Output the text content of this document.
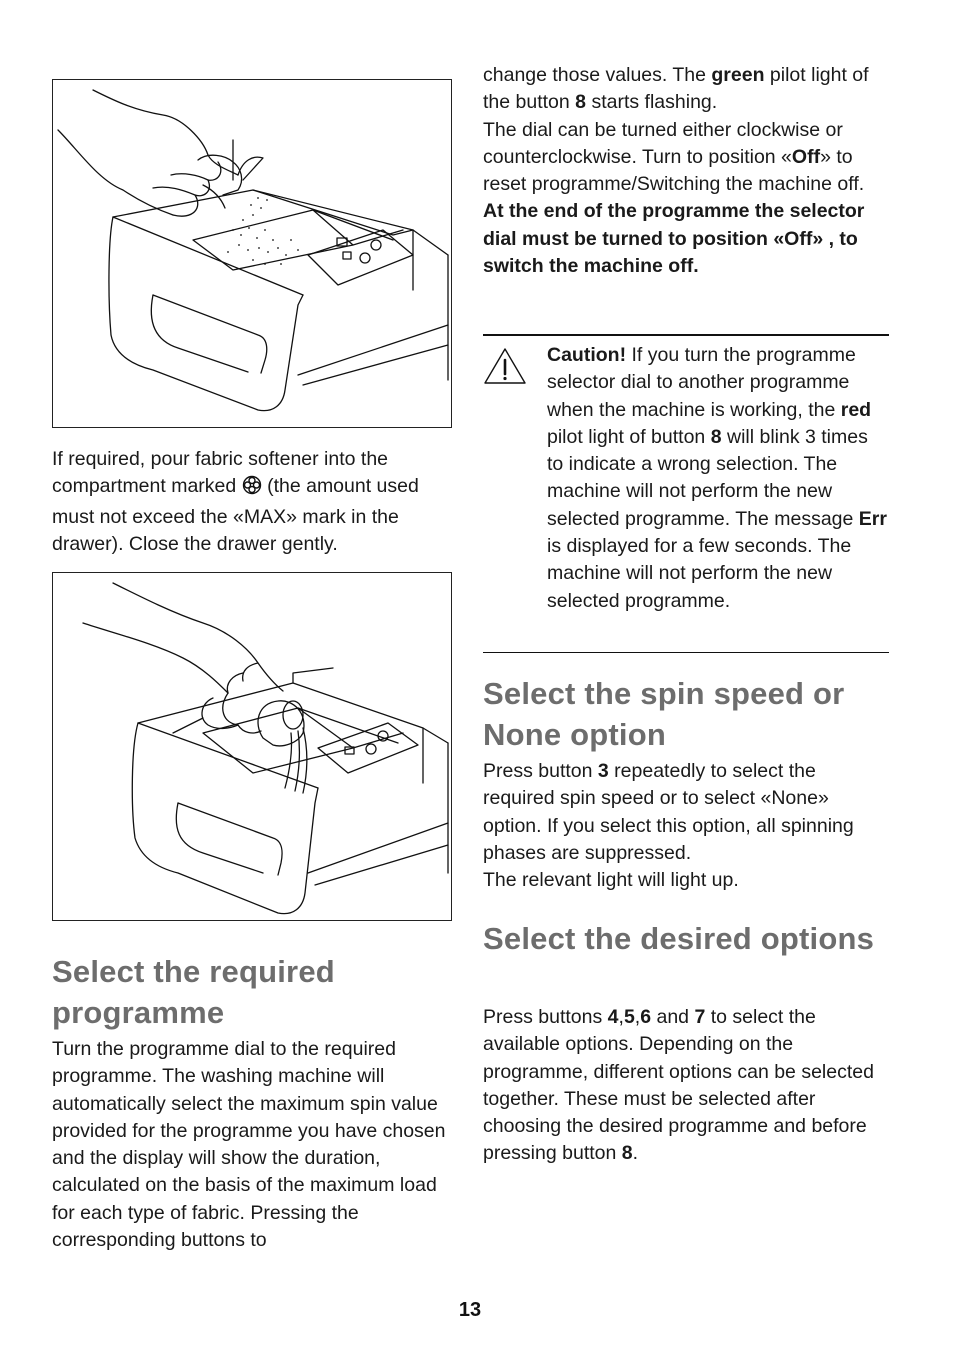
If required, pour fabric softener into the compartment marked (the amount used must not exceed the «MAX» mark in the drawer). Close the drawer gently.

Select the required programme

Turn the programme dial to the required programme. The washing machine will automatically select the maximum spin value provided for the programme you have chosen and the display will show the duration, calculated on the basis of the maximum load for each type of fabric. Pressing the corresponding buttons to

change those values. The green pilot light of the button 8 starts flashing.
The dial can be turned either clockwise or counterclockwise. Turn to position «Off» to reset programme/Switching the machine off.
At the end of the programme the selector dial must be turned to position «Off» , to switch the machine off.

Caution! If you turn the programme selector dial to another programme when the machine is working, the red pilot light of button 8 will blink 3 times to indicate a wrong selection. The machine will not perform the new selected programme. The message Err is displayed for a few seconds. The machine will not perform the new selected programme.

Select the spin speed or None option

Press button 3 repeatedly to select the required spin speed or to select «None» option. If you select this option, all spinning phases are suppressed.
The relevant light will light up.

Select the desired options

Press buttons 4,5,6 and 7 to select the available options. Depending on the programme, different options can be selected together. These must be selected after choosing the desired programme and before pressing button 8.

13
